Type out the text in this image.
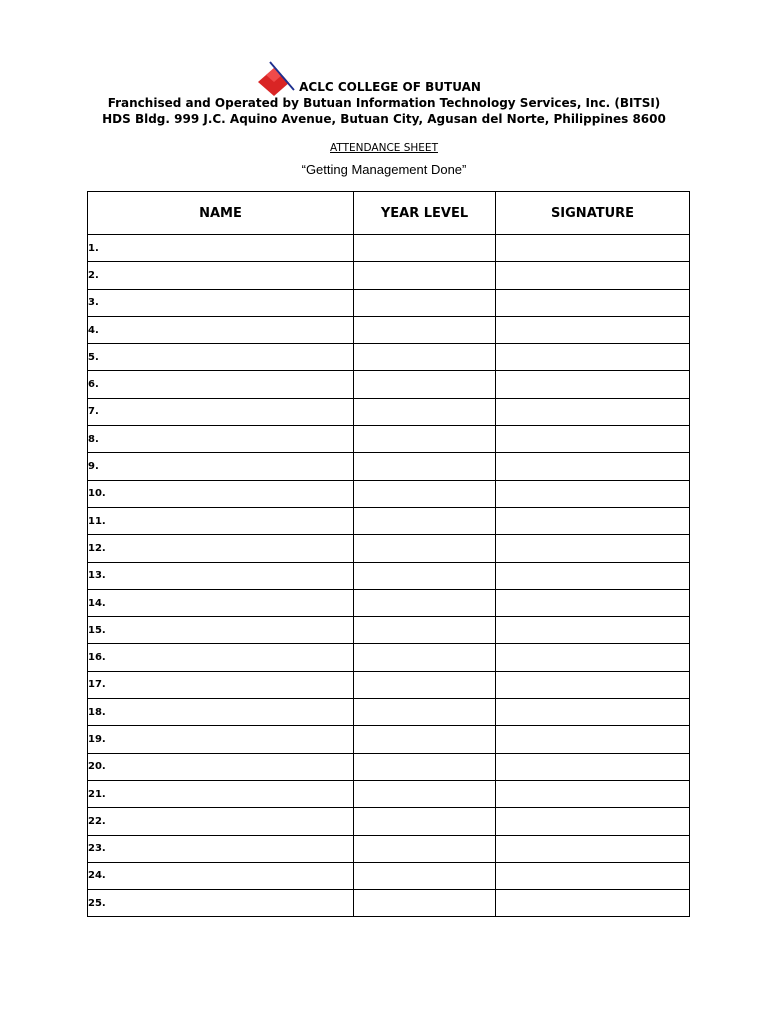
ACLC COLLEGE OF BUTUAN
Franchised and Operated by Butuan Information Technology Services, Inc. (BITSI)
HDS Bldg. 999 J.C. Aquino Avenue, Butuan City, Agusan del Norte, Philippines 8600
ATTENDANCE SHEET
“Getting Management Done”
NAME	YEAR LEVEL	SIGNATURE
1.		
2.		
3.		
4.		
5.		
6.		
7.		
8.		
9.		
10.		
11.		
12.		
13.		
14.		
15.		
16.		
17.		
18.		
19.		
20.		
21.		
22.		
23.		
24.		
25.		
